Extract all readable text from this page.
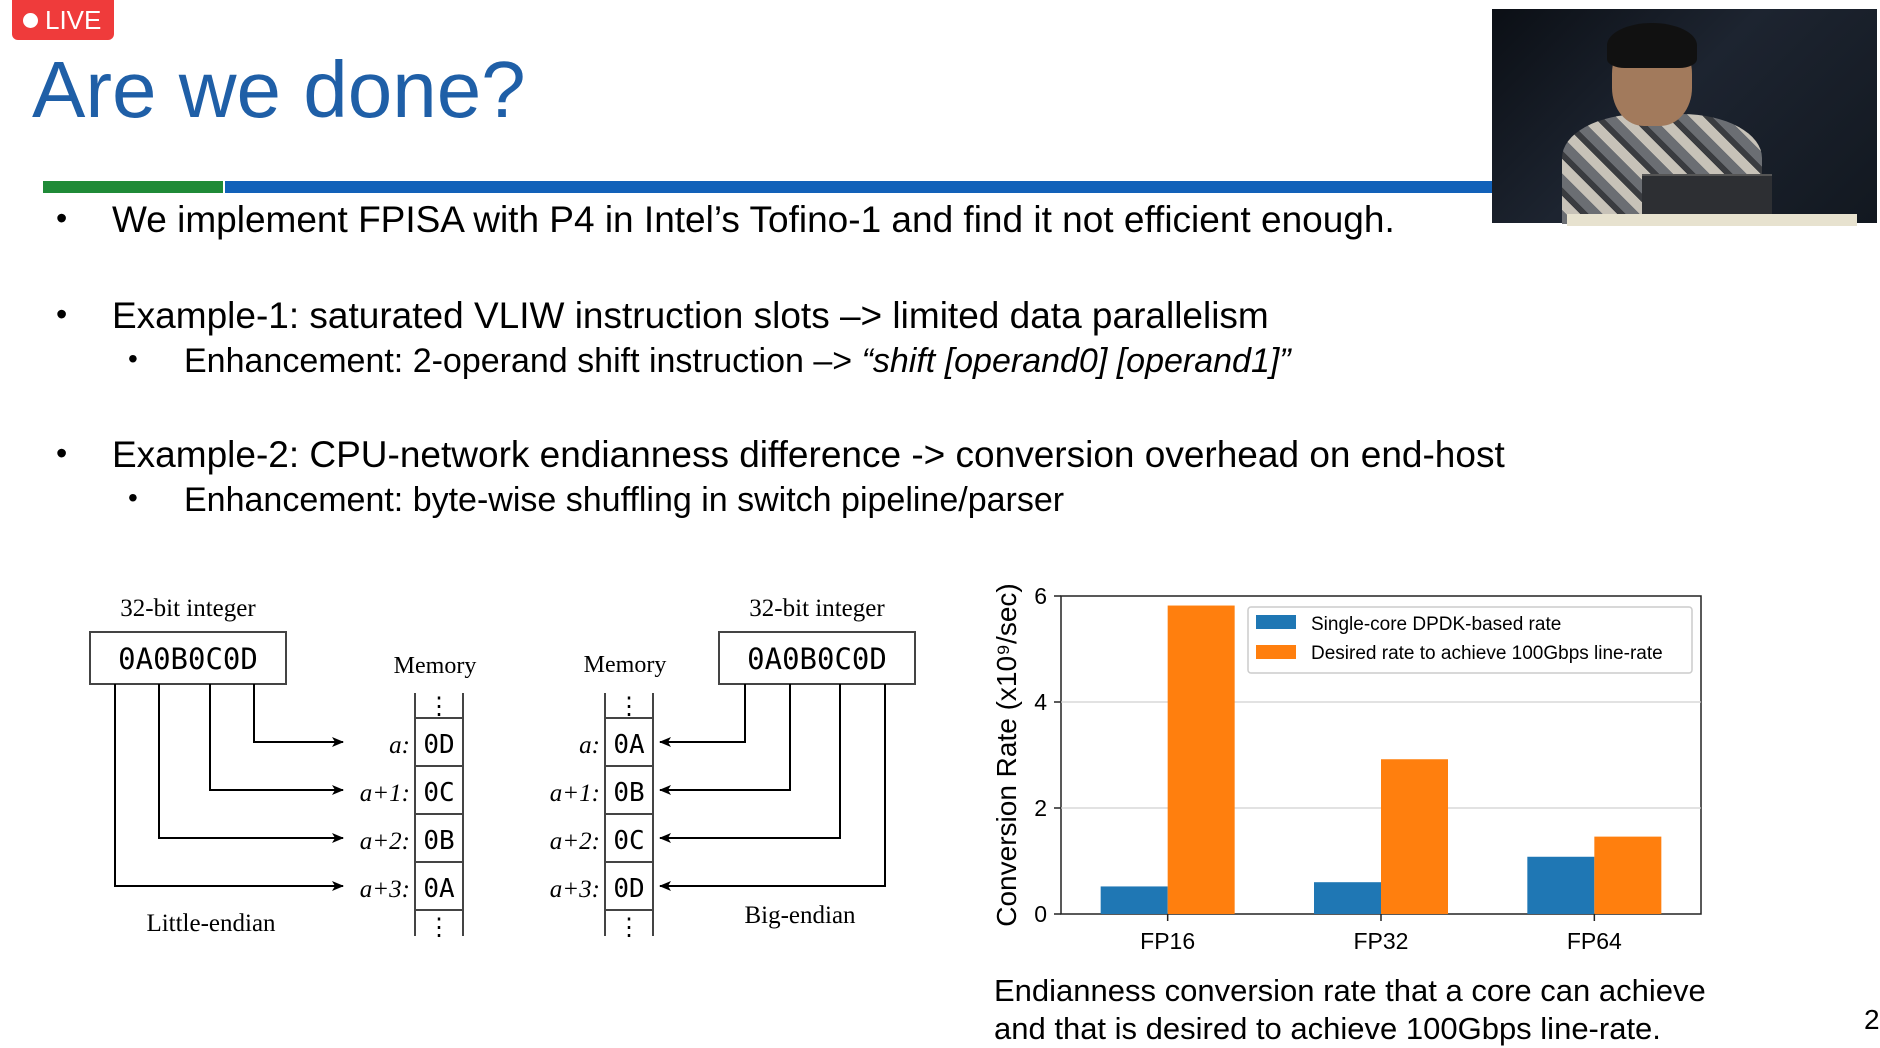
LIVE
Are we done?
• We implement FPISA with P4 in Intel’s Tofino-1 and find it not efficient enough.
• Example-1: saturated VLIW instruction slots –> limited data parallelism
• Enhancement: 2-operand shift instruction –> “shift [operand0] [operand1]”
• Example-2: CPU-network endianness difference -> conversion overhead on end-host
• Enhancement: byte-wise shuffling in switch pipeline/parser
32-bit integer
0A0B0C0D	Memory
⋮
⋮
0D
0C
0B
0A
a:
a+1:
a+2:
a+3:
Little-endian
32-bit integer
0A0B0C0D
Memory
⋮
⋮
0A
0B
0C
0D
a:
a+1:
a+2:
a+3:
Big-endian	0
2
4
6
FP16	FP32	FP64
Conversion Rate (x10⁹/sec)	Single-core DPDK-based rate
Desired rate to achieve 100Gbps line-rate
Endianness conversion rate that a core can achieve
and that is desired to achieve 100Gbps line-rate.	2
